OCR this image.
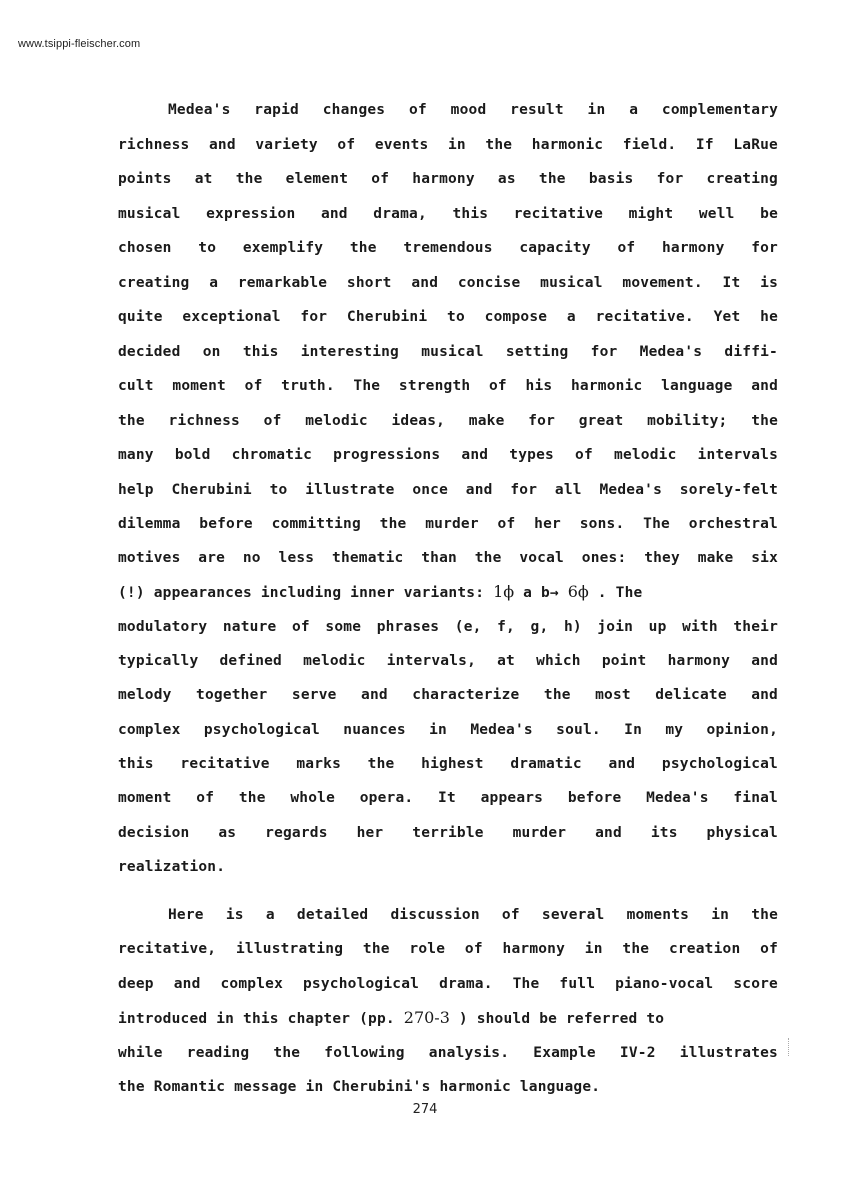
www.tsippi-fleischer.com
Medea's rapid changes of mood result in a complementary
richness and variety of events in the harmonic field. If LaRue
points at the element of harmony as the basis for creating
musical expression and drama, this recitative might well be
chosen to exemplify the tremendous capacity of harmony for
creating a remarkable short and concise musical movement. It is
quite exceptional for Cherubini to compose a recitative. Yet he
decided on this interesting musical setting for Medea's diffi-
cult moment of truth. The strength of his harmonic language and
the richness of melodic ideas, make for great mobility; the
many bold chromatic progressions and types of melodic intervals
help Cherubini to illustrate once and for all Medea's sorely-felt
dilemma before committing the murder of her sons. The orchestral
motives are no less thematic than the vocal ones: they make six
(!) appearances including inner variants: 1ϕ a b→ 6ϕ . The
modulatory nature of some phrases (e, f, g, h) join up with their
typically defined melodic intervals, at which point harmony and
melody together serve and characterize the most delicate and
complex psychological nuances in Medea's soul. In my opinion,
this recitative marks the highest dramatic and psychological
moment of the whole opera. It appears before Medea's final
decision as regards her terrible murder and its physical
realization.
Here is a detailed discussion of several moments in the
recitative, illustrating the role of harmony in the creation of
deep and complex psychological drama. The full piano-vocal score
introduced in this chapter (pp. 270-3 ) should be referred to
while reading the following analysis. Example IV-2 illustrates
the Romantic message in Cherubini's harmonic language.
274
